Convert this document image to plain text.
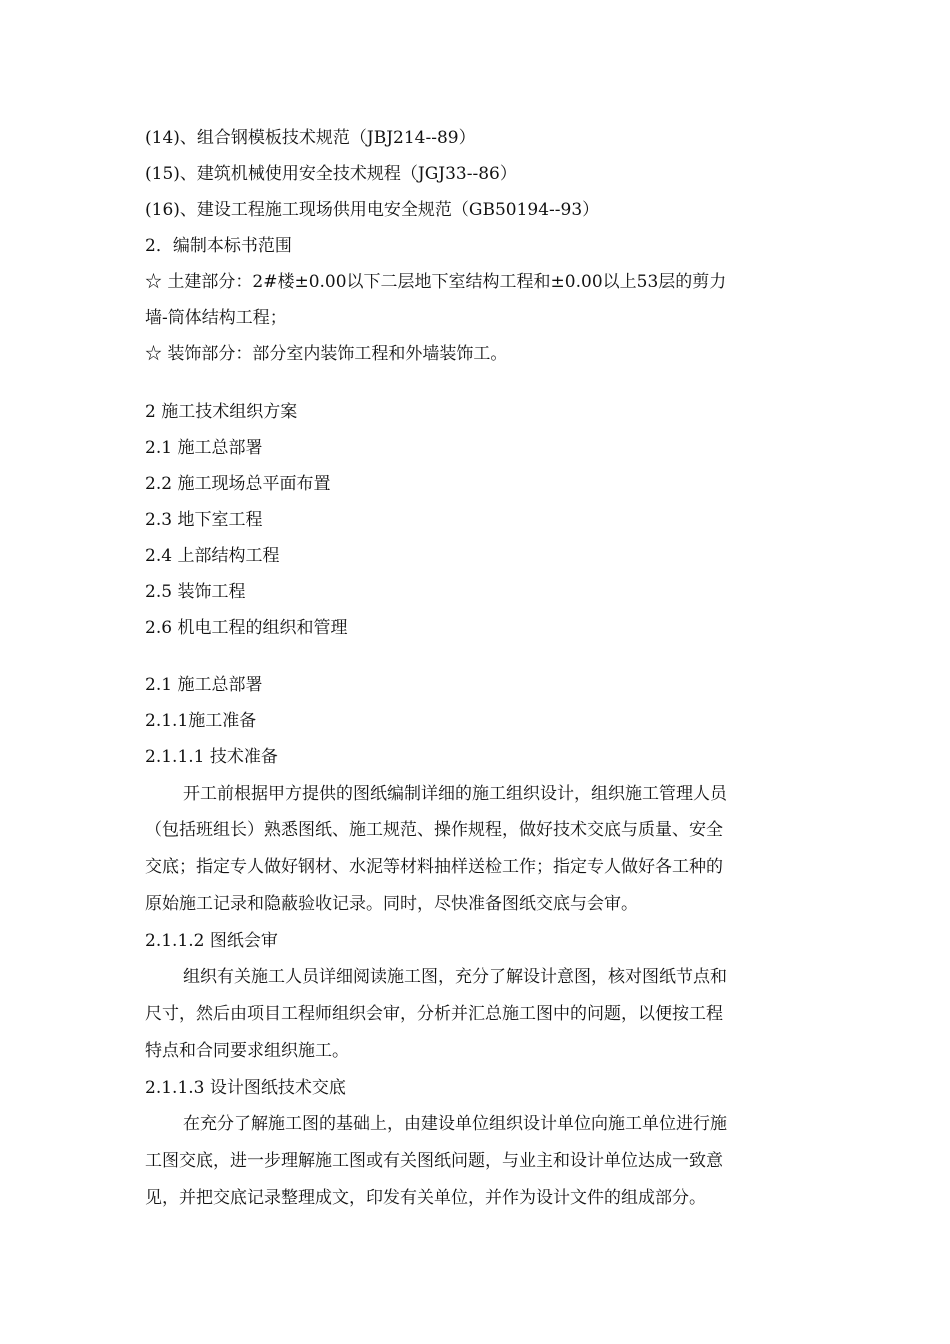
(14)、组合钢模板技术规范（JBJ214--89）
(15)、建筑机械使用安全技术规程（JGJ33--86）
(16)、建设工程施工现场供用电安全规范（GB50194--93）
2．编制本标书范围
☆ 土建部分：2#楼±0.00以下二层地下室结构工程和±0.00以上53层的剪力
墙-筒体结构工程；
☆ 装饰部分：部分室内装饰工程和外墙装饰工。
2 施工技术组织方案
2.1 施工总部署
2.2 施工现场总平面布置
2.3 地下室工程
2.4 上部结构工程
2.5 装饰工程
2.6 机电工程的组织和管理
2.1 施工总部署
2.1.1施工准备
2.1.1.1 技术准备
开工前根据甲方提供的图纸编制详细的施工组织设计，组织施工管理人员
（包括班组长）熟悉图纸、施工规范、操作规程，做好技术交底与质量、安全
交底；指定专人做好钢材、水泥等材料抽样送检工作；指定专人做好各工种的
原始施工记录和隐蔽验收记录。同时，尽快准备图纸交底与会审。
2.1.1.2 图纸会审
组织有关施工人员详细阅读施工图，充分了解设计意图，核对图纸节点和
尺寸，然后由项目工程师组织会审，分析并汇总施工图中的问题，以便按工程
特点和合同要求组织施工。
2.1.1.3 设计图纸技术交底
在充分了解施工图的基础上，由建设单位组织设计单位向施工单位进行施
工图交底，进一步理解施工图或有关图纸问题，与业主和设计单位达成一致意
见，并把交底记录整理成文，印发有关单位，并作为设计文件的组成部分。
